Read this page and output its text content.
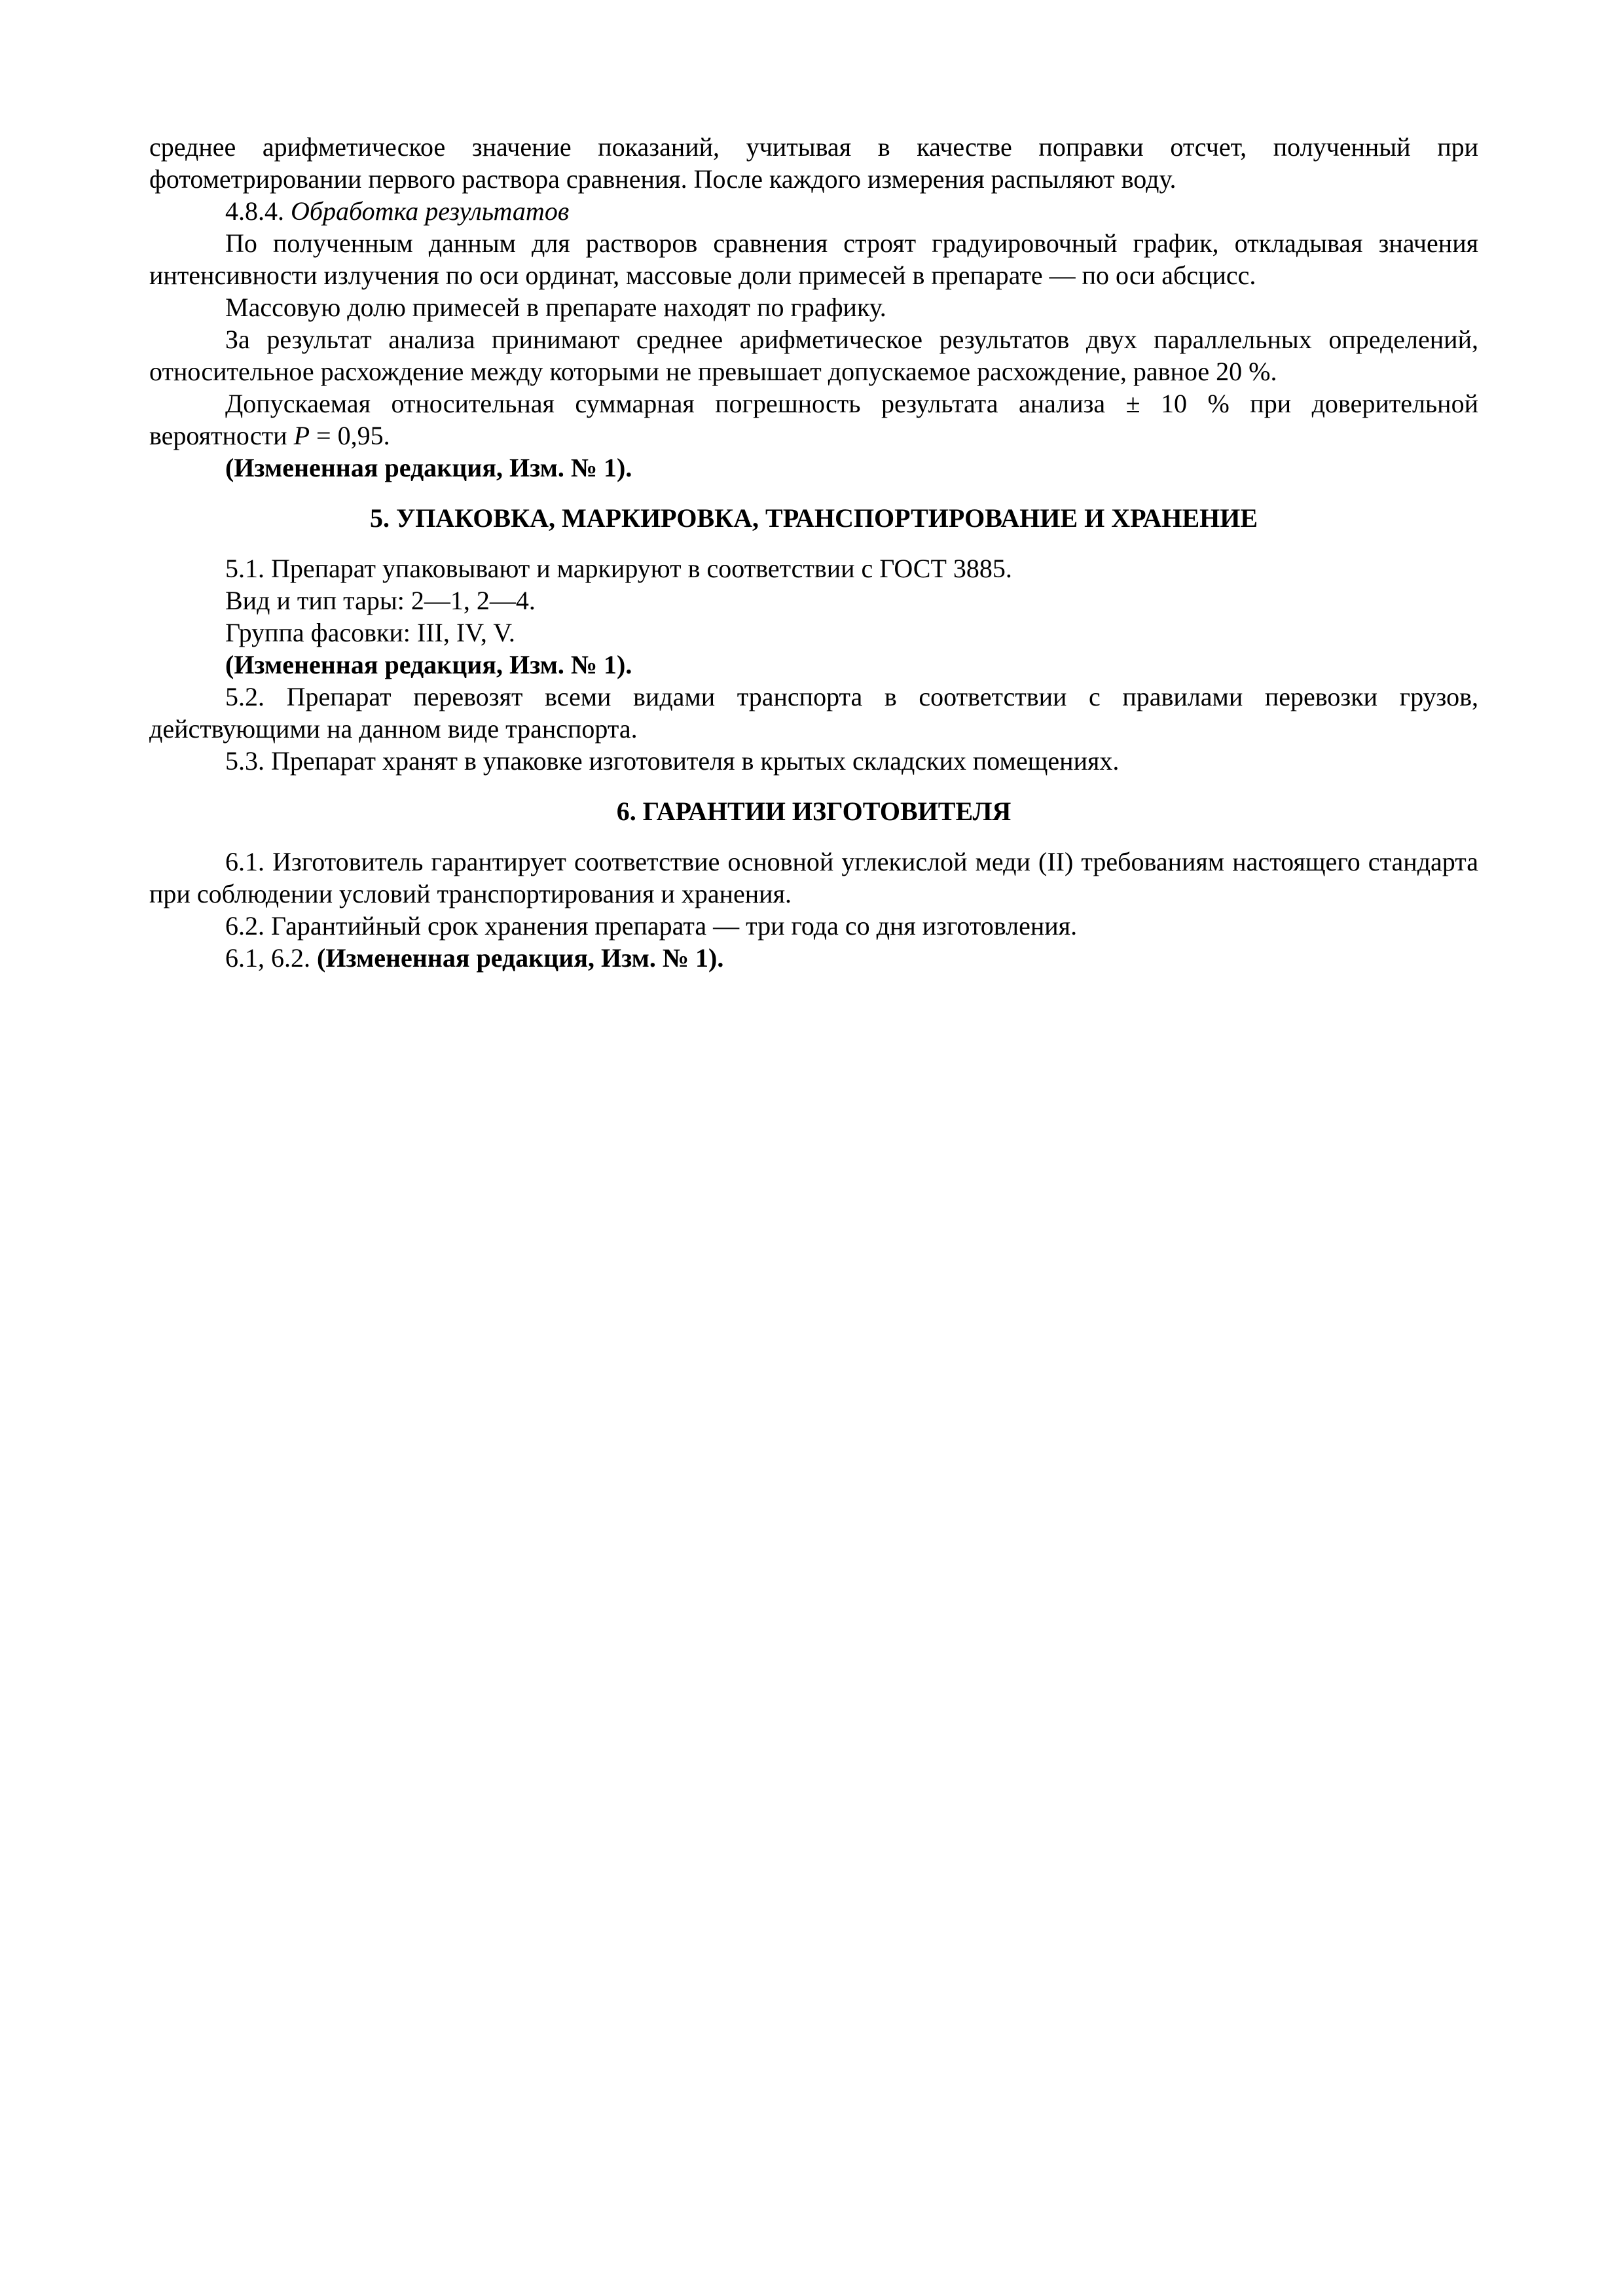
среднее арифметическое значение показаний, учитывая в качестве поправки отсчет, полученный при фотометрировании первого раствора сравнения. После каждого измерения распыляют воду.

4.8.4. Обработка результатов

По полученным данным для растворов сравнения строят градуировочный график, откладывая значения интенсивности излучения по оси ординат, массовые доли примесей в препарате — по оси абсцисс.

Массовую долю примесей в препарате находят по графику.

За результат анализа принимают среднее арифметическое результатов двух параллельных определений, относительное расхождение между которыми не превышает допускаемое расхождение, равное 20 %.

Допускаемая относительная суммарная погрешность результата анализа ± 10 % при доверительной вероятности P = 0,95.

(Измененная редакция, Изм. № 1).

5. УПАКОВКА, МАРКИРОВКА, ТРАНСПОРТИРОВАНИЕ И ХРАНЕНИЕ

5.1. Препарат упаковывают и маркируют в соответствии с ГОСТ 3885.

Вид и тип тары: 2—1, 2—4.

Группа фасовки: III, IV, V.

(Измененная редакция, Изм. № 1).

5.2. Препарат перевозят всеми видами транспорта в соответствии с правилами перевозки грузов, действующими на данном виде транспорта.

5.3. Препарат хранят в упаковке изготовителя в крытых складских помещениях.

6. ГАРАНТИИ ИЗГОТОВИТЕЛЯ

6.1. Изготовитель гарантирует соответствие основной углекислой меди (II) требованиям настоящего стандарта при соблюдении условий транспортирования и хранения.

6.2. Гарантийный срок хранения препарата — три года со дня изготовления.

6.1, 6.2. (Измененная редакция, Изм. № 1).
